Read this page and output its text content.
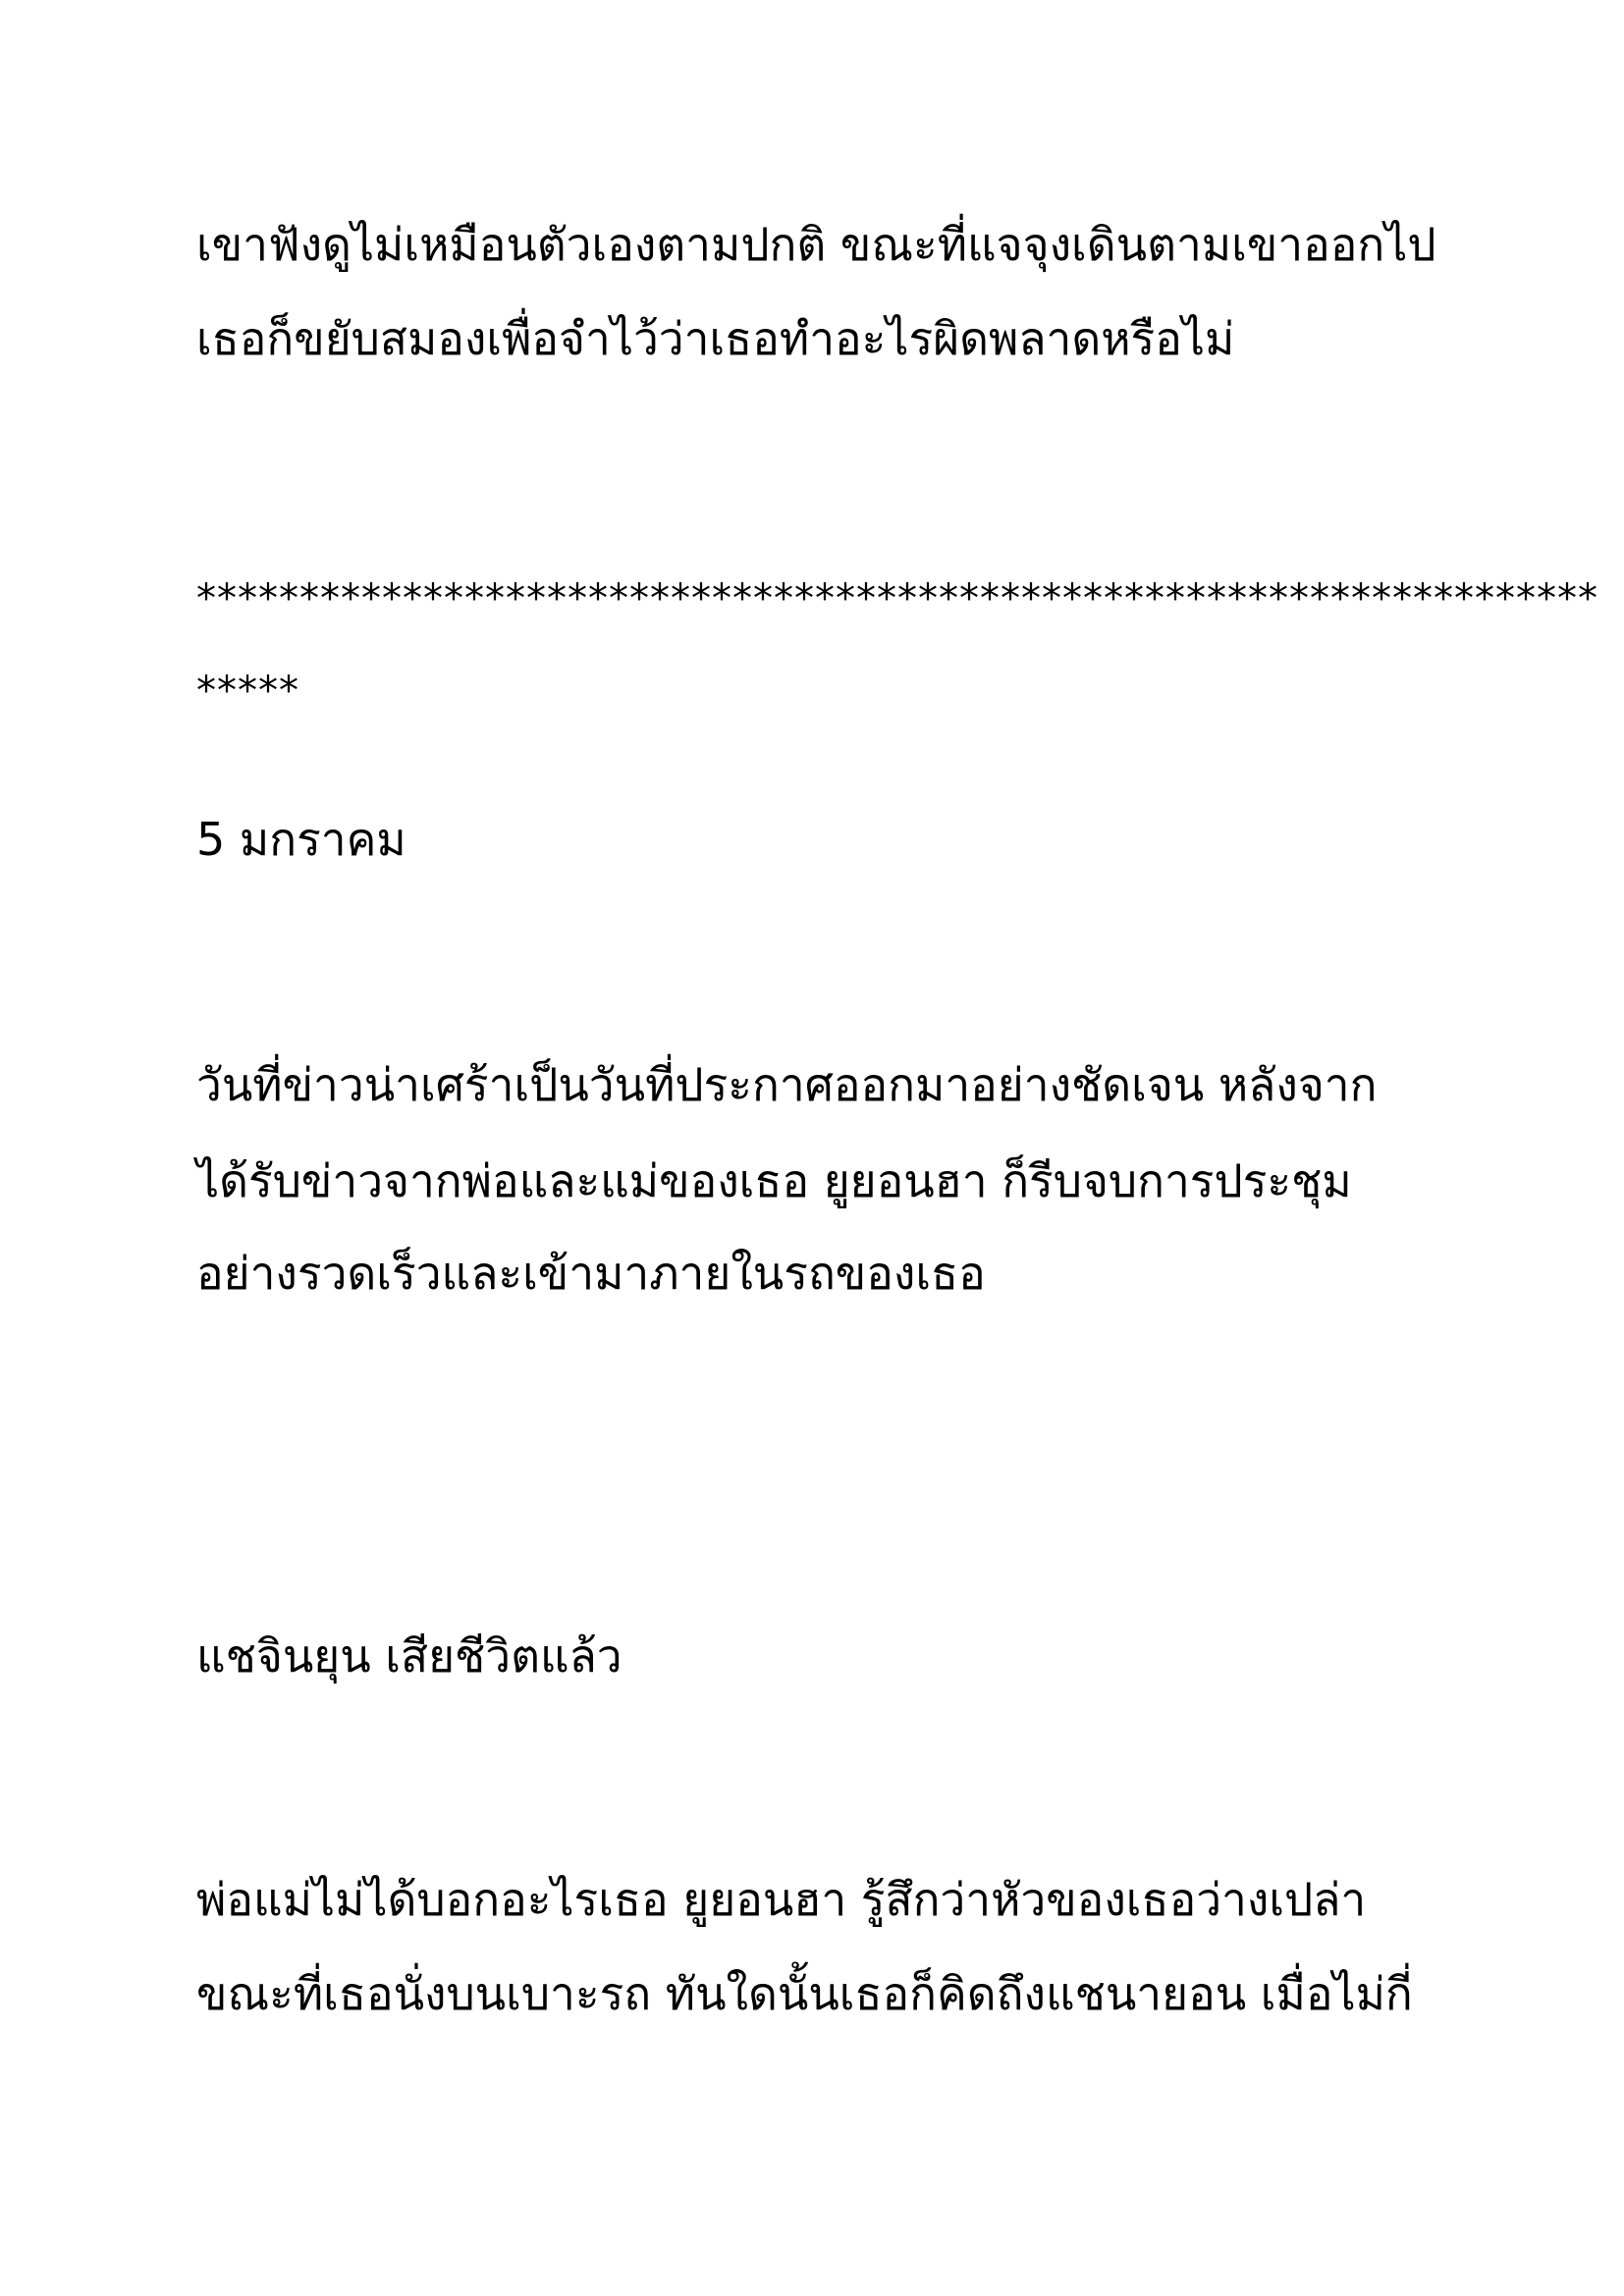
เขาฟังดูไม่เหมือนตัวเองตามปกติ ขณะที่แจจุงเดินตามเขาออกไป

เธอก็ขยับสมองเพื่อจำไว้ว่าเธอทำอะไรผิดพลาดหรือไม่

********************************************************************

*****

5 มกราคม

วันที่ข่าวน่าเศร้าเป็นวันที่ประกาศออกมาอย่างชัดเจน หลังจาก

ได้รับข่าวจากพ่อและแม่ของเธอ ยูยอนฮา ก็รีบจบการประชุม

อย่างรวดเร็วและเข้ามาภายในรถของเธอ

แชจินยุน เสียชีวิตแล้ว

พ่อแม่ไม่ได้บอกอะไรเธอ ยูยอนฮา รู้สึกว่าหัวของเธอว่างเปล่า

ขณะที่เธอนั่งบนเบาะรถ ทันใดนั้นเธอก็คิดถึงแชนายอน เมื่อไม่กี่
